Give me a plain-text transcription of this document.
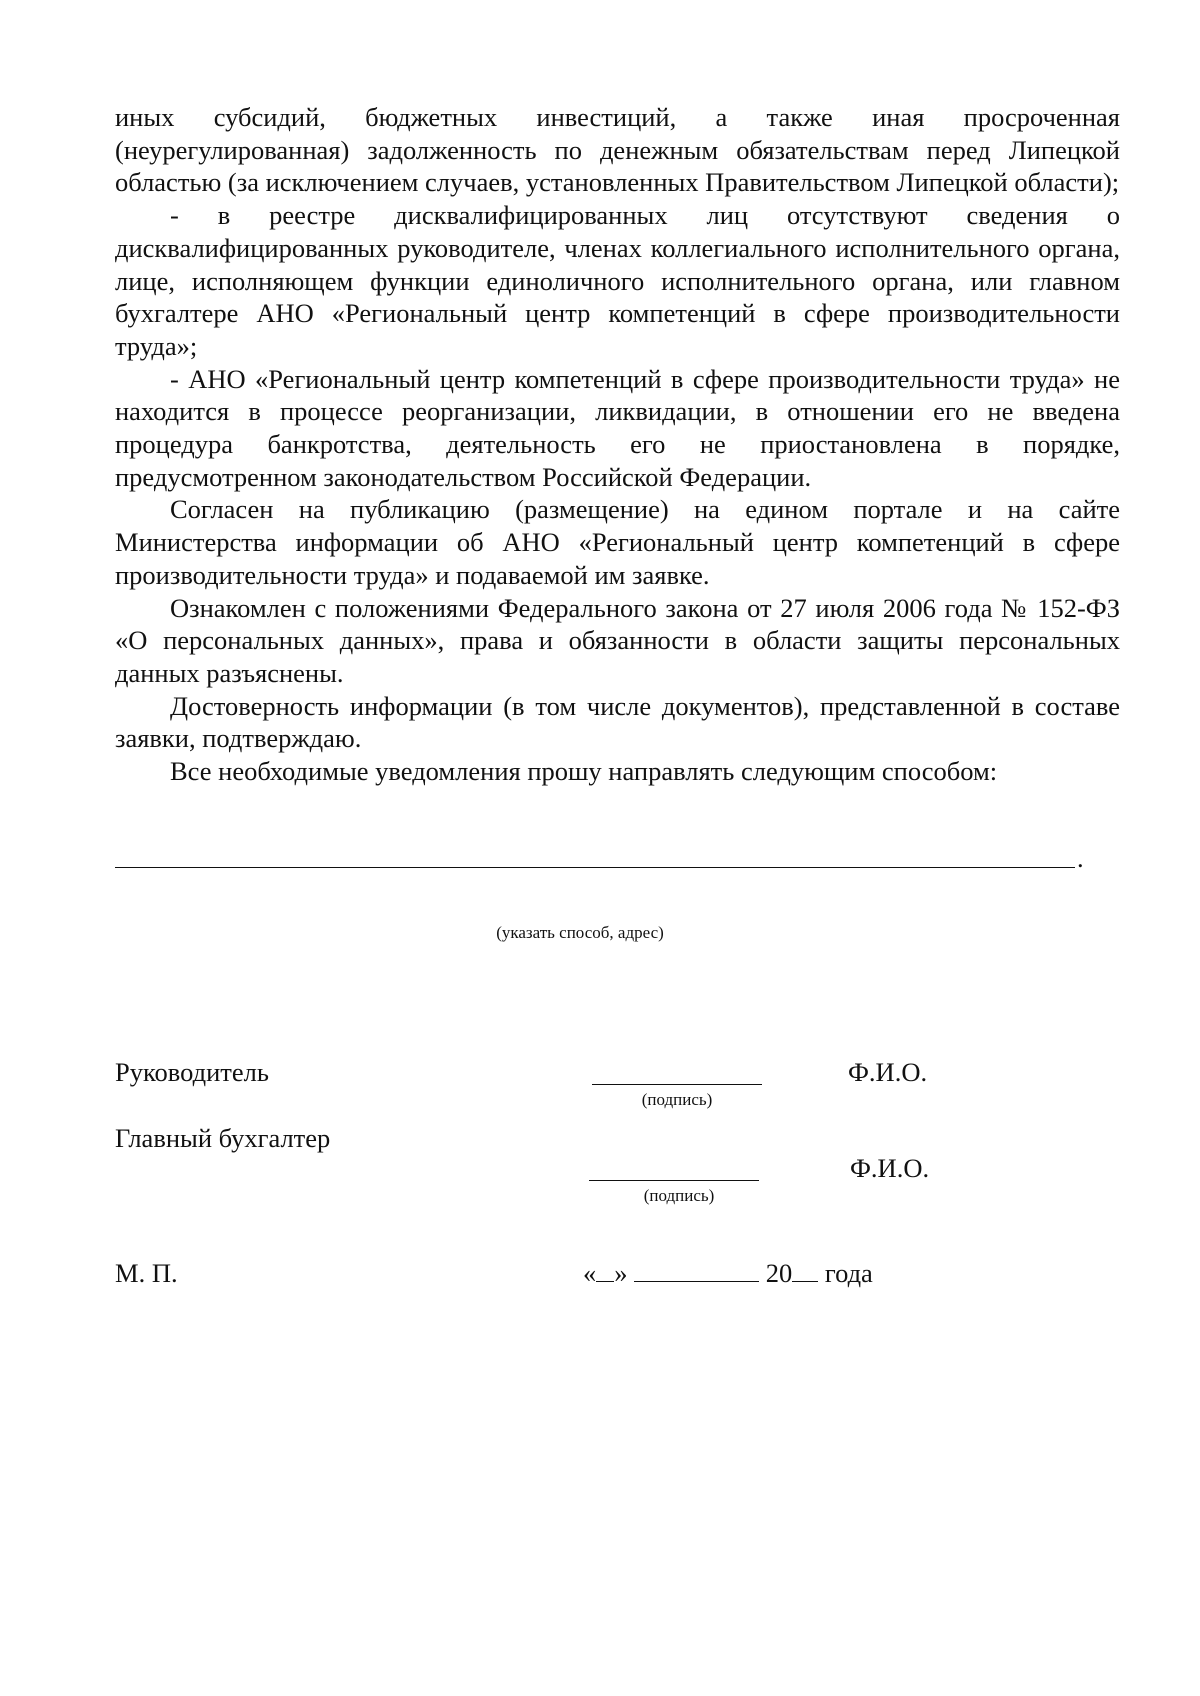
иных субсидий, бюджетных инвестиций, а также иная просроченная (неурегулированная) задолженность по денежным обязательствам перед Липецкой областью (за исключением случаев, установленных Правительством Липецкой области);

- в реестре дисквалифицированных лиц отсутствуют сведения о дисквалифицированных руководителе, членах коллегиального исполнительного органа, лице, исполняющем функции единоличного исполнительного органа, или главном бухгалтере АНО «Региональный центр компетенций в сфере производительности труда»;

- АНО «Региональный центр компетенций в сфере производительности труда» не находится в процессе реорганизации, ликвидации, в отношении его не введена процедура банкротства, деятельность его не приостановлена в порядке, предусмотренном законодательством Российской Федерации.

Согласен на публикацию (размещение) на едином портале и на сайте Министерства информации об АНО «Региональный центр компетенций в сфере производительности труда» и подаваемой им заявке.

Ознакомлен с положениями Федерального закона от 27 июля 2006 года № 152-ФЗ «О персональных данных», права и обязанности в области защиты персональных данных разъяснены.

Достоверность информации (в том числе документов), представленной в составе заявки, подтверждаю.

Все необходимые уведомления прошу направлять следующим способом:

.
(указать способ, адрес)
Руководитель
(подпись)
Ф.И.О.
Главный бухгалтер
(подпись)
Ф.И.О.
М. П.	« »	20 года
